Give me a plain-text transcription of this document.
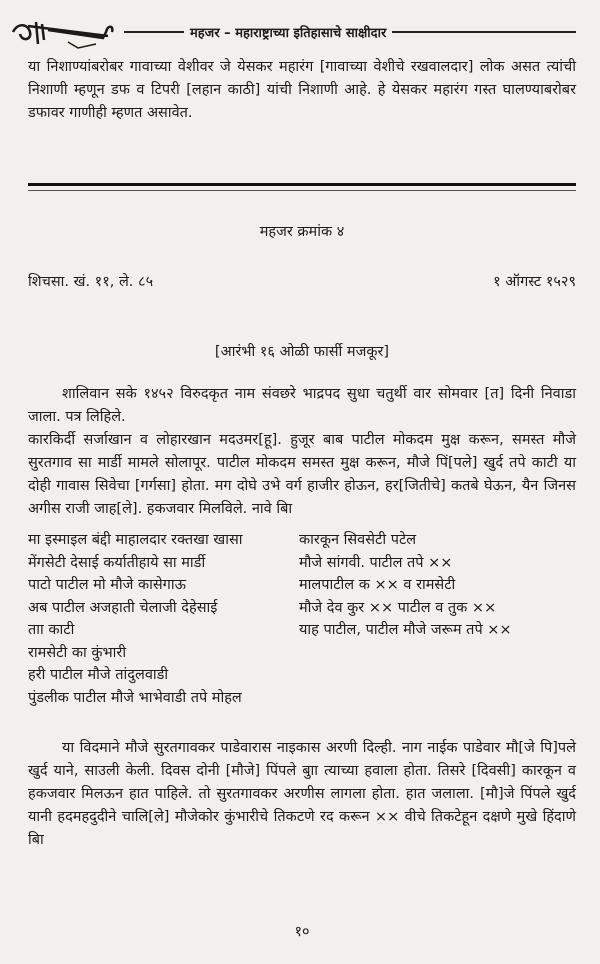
महजर – महाराष्ट्राच्या इतिहासाचे साक्षीदार

या निशाण्यांबरोबर गावाच्या वेशीवर जे येसकर महारंग [गावाच्या वेशीचे रखवालदार] लोक असत त्यांची निशाणी म्हणून डफ व टिपरी [लहान काठी] यांची निशाणी आहे. हे येसकर महारंग गस्त घालण्याबरोबर डफावर गाणीही म्हणत असावेत.

महजर क्रमांक ४
शिचसा. खं. ११, ले. ८५	१ ऑगस्ट १५२९
[आरंभी १६ ओळी फार्सी मजकूर]

शालिवान सके १४५२ विरुदकृत नाम संवछरे भाद्रपद सुधा चतुर्थी वार सोमवार [त] दिनी निवाडा जाला. पत्र लिहिले.

कारकिर्दी सर्जाखान व लोहारखान मदउमर[हू]. हुजूर बाब पाटील मोकदम मुक्ष करून, समस्त मौजे सुरतगाव सा मार्डी मामले सोलापूर. पाटील मोकदम समस्त मुक्ष करून, मौजे पिं[पले] खुर्द तपे काटी या दोही गावास सिवेचा [गर्गसा] होता. मग दोघे उभे वर्ग हाजीर होऊन, हर[जितीचे] कतबे घेऊन, यैन जिनस अगीस राजी जाह[ले]. हकजवार मिलविले. नावे बिा

मा इस्माइल बंद्दी माहालदार रक्तखा खासा
मेंगसेटी देसाई कर्यातीहाये सा मार्डी
पाटो पाटील मो मौजे कासेगाऊ
अब पाटील अजहाती चेलाजी देहेसाई
ताा काटी
रामसेटी का कुंभारी
हरी पाटील मौजे तांदुलवाडी
पुंडलीक पाटील मौजे भाभेवाडी तपे मोहल
कारकून सिवसेटी पटेल
मौजे सांगवी. पाटील तपे ××
मालपाटील क ×× व रामसेटी
मौजे देव कुर ×× पाटील व तुक ××
याह पाटील, पाटील मौजे जरूम तपे ××

या विदमाने मौजे सुरतगावकर पाडेवारास नाइकास अरणी दिल्ही. नाग नाईक पाडेवार मौ[जे पि]पले खुर्द याने, साउली केली. दिवस दोनी [मौजे] पिंपले बुाा त्याच्या हवाला होता. तिसरे [दिवसी] कारकून व हकजवार मिलऊन हात पाहिले. तो सुरतगावकर अरणीस लागला होता. हात जलाला. [मौ]जे पिंपले खुर्द यानी हदमहदुदीने चालि[ले] मौजेकोर कुंभारीचे तिकटणे रद करून ×× वीचे तिकटेहून दक्षणे मुखे हिंदाणे बिा

१०
